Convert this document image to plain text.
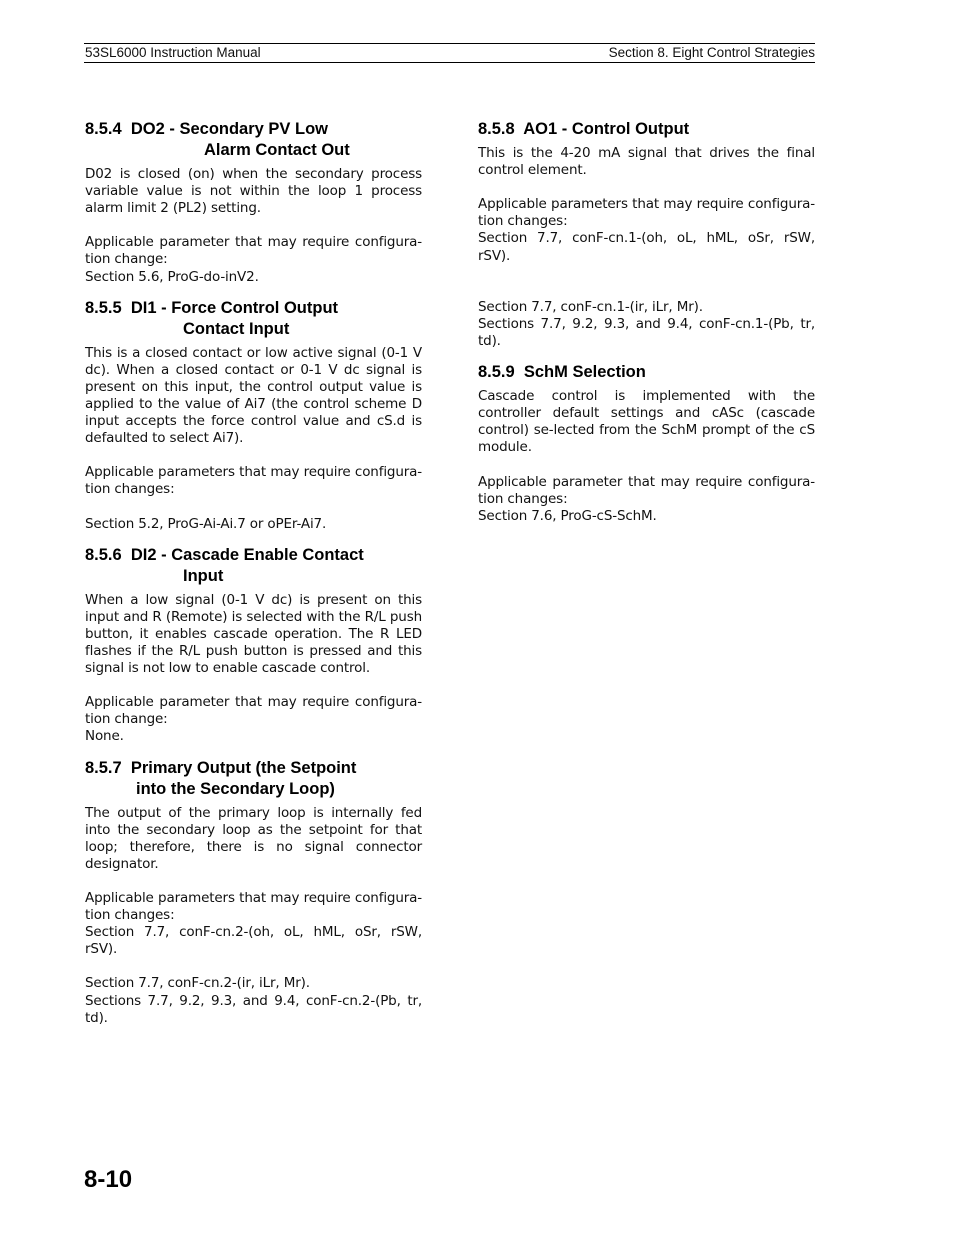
53SL6000 Instruction Manual	Section 8. Eight Control Strategies
8.5.4 DO2 - Secondary PV Low
Alarm Contact Out

D02 is closed (on) when the secondary process variable value is not within the loop 1 process alarm limit 2 (PL2) setting.

Applicable parameter that may require configura-tion change:

Section 5.6, ProG-do-inV2.

8.5.5 DI1 - Force Control Output
Contact Input

This is a closed contact or low active signal (0-1 V dc). When a closed contact or 0-1 V dc signal is present on this input, the control output value is applied to the value of Ai7 (the control scheme D input accepts the force control value and cS.d is defaulted to select Ai7).

Applicable parameters that may require configura-tion changes:

Section 5.2, ProG-Ai-Ai.7 or oPEr-Ai7.

8.5.6 DI2 - Cascade Enable Contact
Input

When a low signal (0-1 V dc) is present on this input and R (Remote) is selected with the R/L push button, it enables cascade operation. The R LED flashes if the R/L push button is pressed and this signal is not low to enable cascade control.

Applicable parameter that may require configura-tion change:

None.

8.5.7 Primary Output (the Setpoint
into the Secondary Loop)

The output of the primary loop is internally fed into the secondary loop as the setpoint for that loop; therefore, there is no signal connector designator.

Applicable parameters that may require configura-tion changes:

Section 7.7, conF-cn.2-(oh, oL, hML, oSr, rSW, rSV).

Section 7.7, conF-cn.2-(ir, iLr, Mr).

Sections 7.7, 9.2, 9.3, and 9.4, conF-cn.2-(Pb, tr, td).

8.5.8 AO1 - Control Output

This is the 4-20 mA signal that drives the final control element.

Applicable parameters that may require configura-tion changes:

Section 7.7, conF-cn.1-(oh, oL, hML, oSr, rSW, rSV).

Section 7.7, conF-cn.1-(ir, iLr, Mr).

Sections 7.7, 9.2, 9.3, and 9.4, conF-cn.1-(Pb, tr, td).

8.5.9 SchM Selection

Cascade control is implemented with the controller default settings and cASc (cascade control) se-lected from the SchM prompt of the cS module.

Applicable parameter that may require configura-tion changes:

Section 7.6, ProG-cS-SchM.

8-10
